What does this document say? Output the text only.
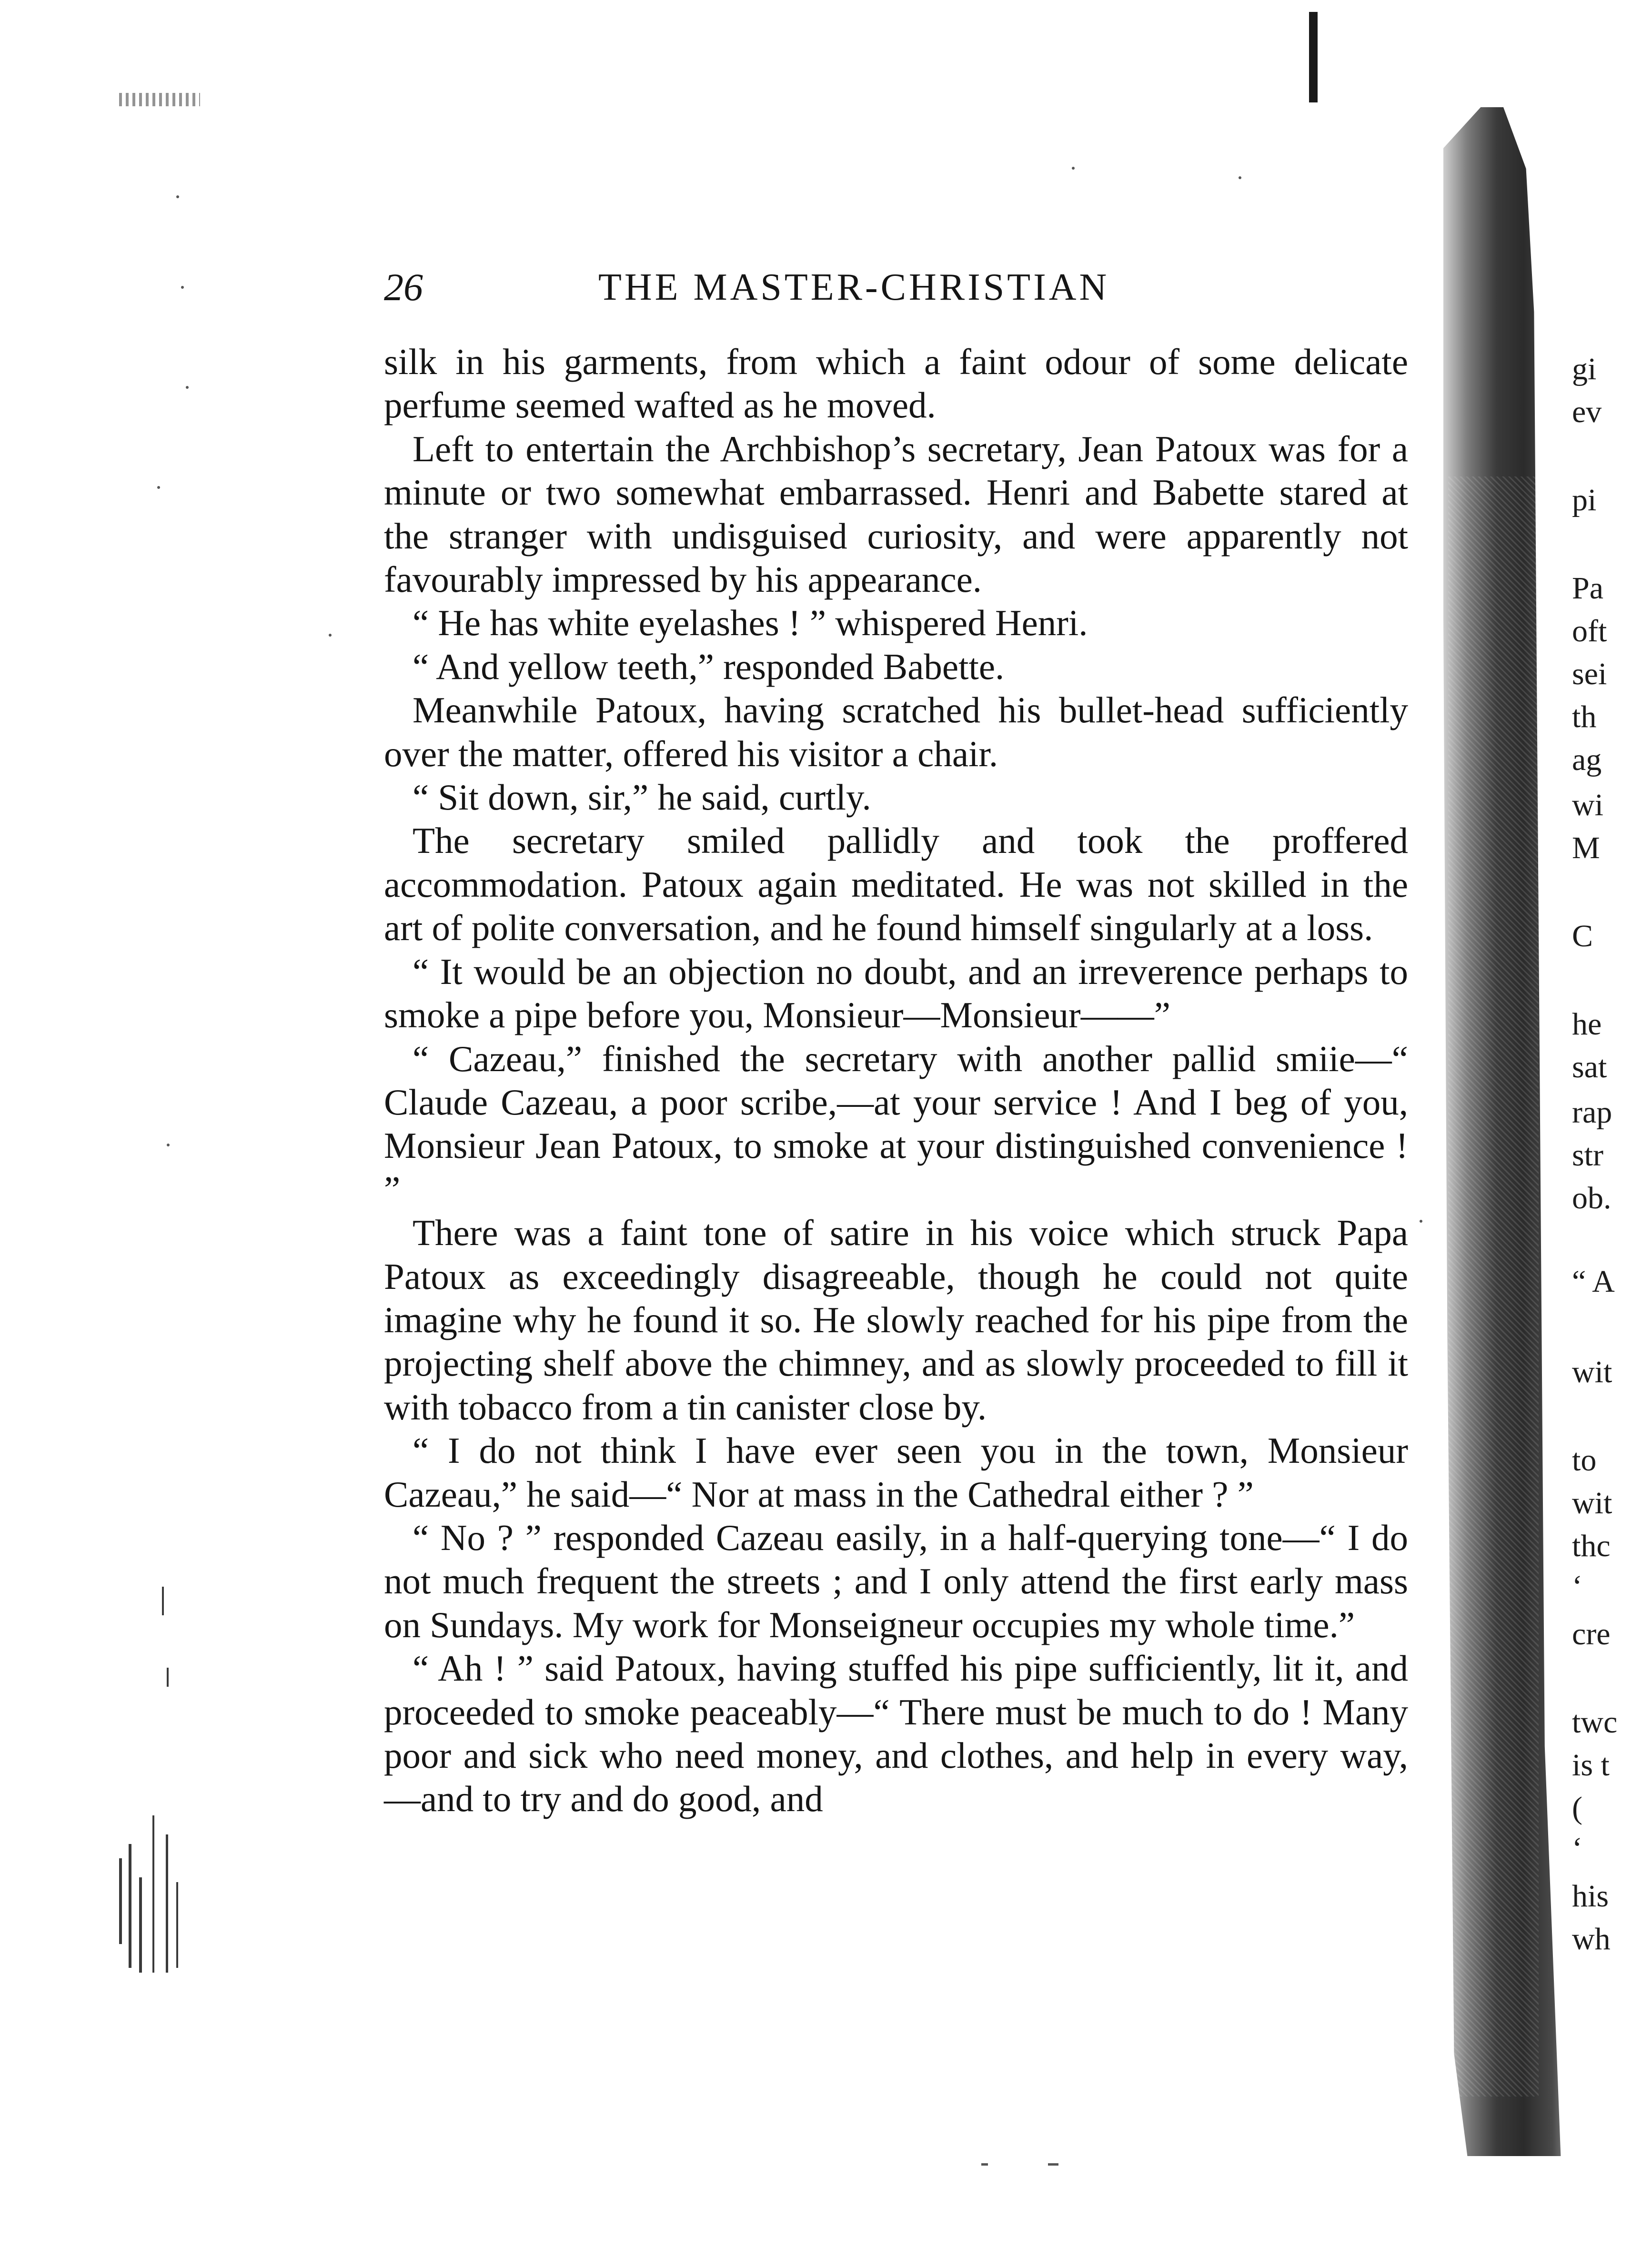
26	THE MASTER-CHRISTIAN

silk in his garments, from which a faint odour of some delicate perfume seemed wafted as he moved.

Left to entertain the Archbishop’s secretary, Jean Patoux was for a minute or two somewhat embarrassed. Henri and Babette stared at the stranger with undisguised curiosity, and were apparently not favourably impressed by his appearance.

“ He has white eyelashes ! ” whispered Henri.

“ And yellow teeth,” responded Babette.

Meanwhile Patoux, having scratched his bullet-head sufficiently over the matter, offered his visitor a chair.

“ Sit down, sir,” he said, curtly.

The secretary smiled pallidly and took the proffered accommodation. Patoux again meditated. He was not skilled in the art of polite conversation, and he found himself singularly at a loss.

“ It would be an objection no doubt, and an irreverence perhaps to smoke a pipe before you, Monsieur—Monsieur——”

“ Cazeau,” finished the secretary with another pallid smiie—“ Claude Cazeau, a poor scribe,—at your service ! And I beg of you, Monsieur Jean Patoux, to smoke at your distinguished convenience ! ”

There was a faint tone of satire in his voice which struck Papa Patoux as exceedingly disagreeable, though he could not quite imagine why he found it so. He slowly reached for his pipe from the projecting shelf above the chimney, and as slowly proceeded to fill it with tobacco from a tin canister close by.

“ I do not think I have ever seen you in the town, Monsieur Cazeau,” he said—“ Nor at mass in the Cathedral either ? ”

“ No ? ” responded Cazeau easily, in a half-querying tone—“ I do not much frequent the streets ; and I only attend the first early mass on Sundays. My work for Monseigneur occupies my whole time.”

“ Ah ! ” said Patoux, having stuffed his pipe sufficiently, lit it, and proceeded to smoke peaceably—“ There must be much to do ! Many poor and sick who need money, and clothes, and help in every way,—and to try and do good, and

gi
ev
pi
Pa
oft
sei
th
ag
wi
M
C
he
sat
rap
str
ob.
“ A
wit
to
wit
thc
‘
cre
twc
is t
(
‘
his
wh
